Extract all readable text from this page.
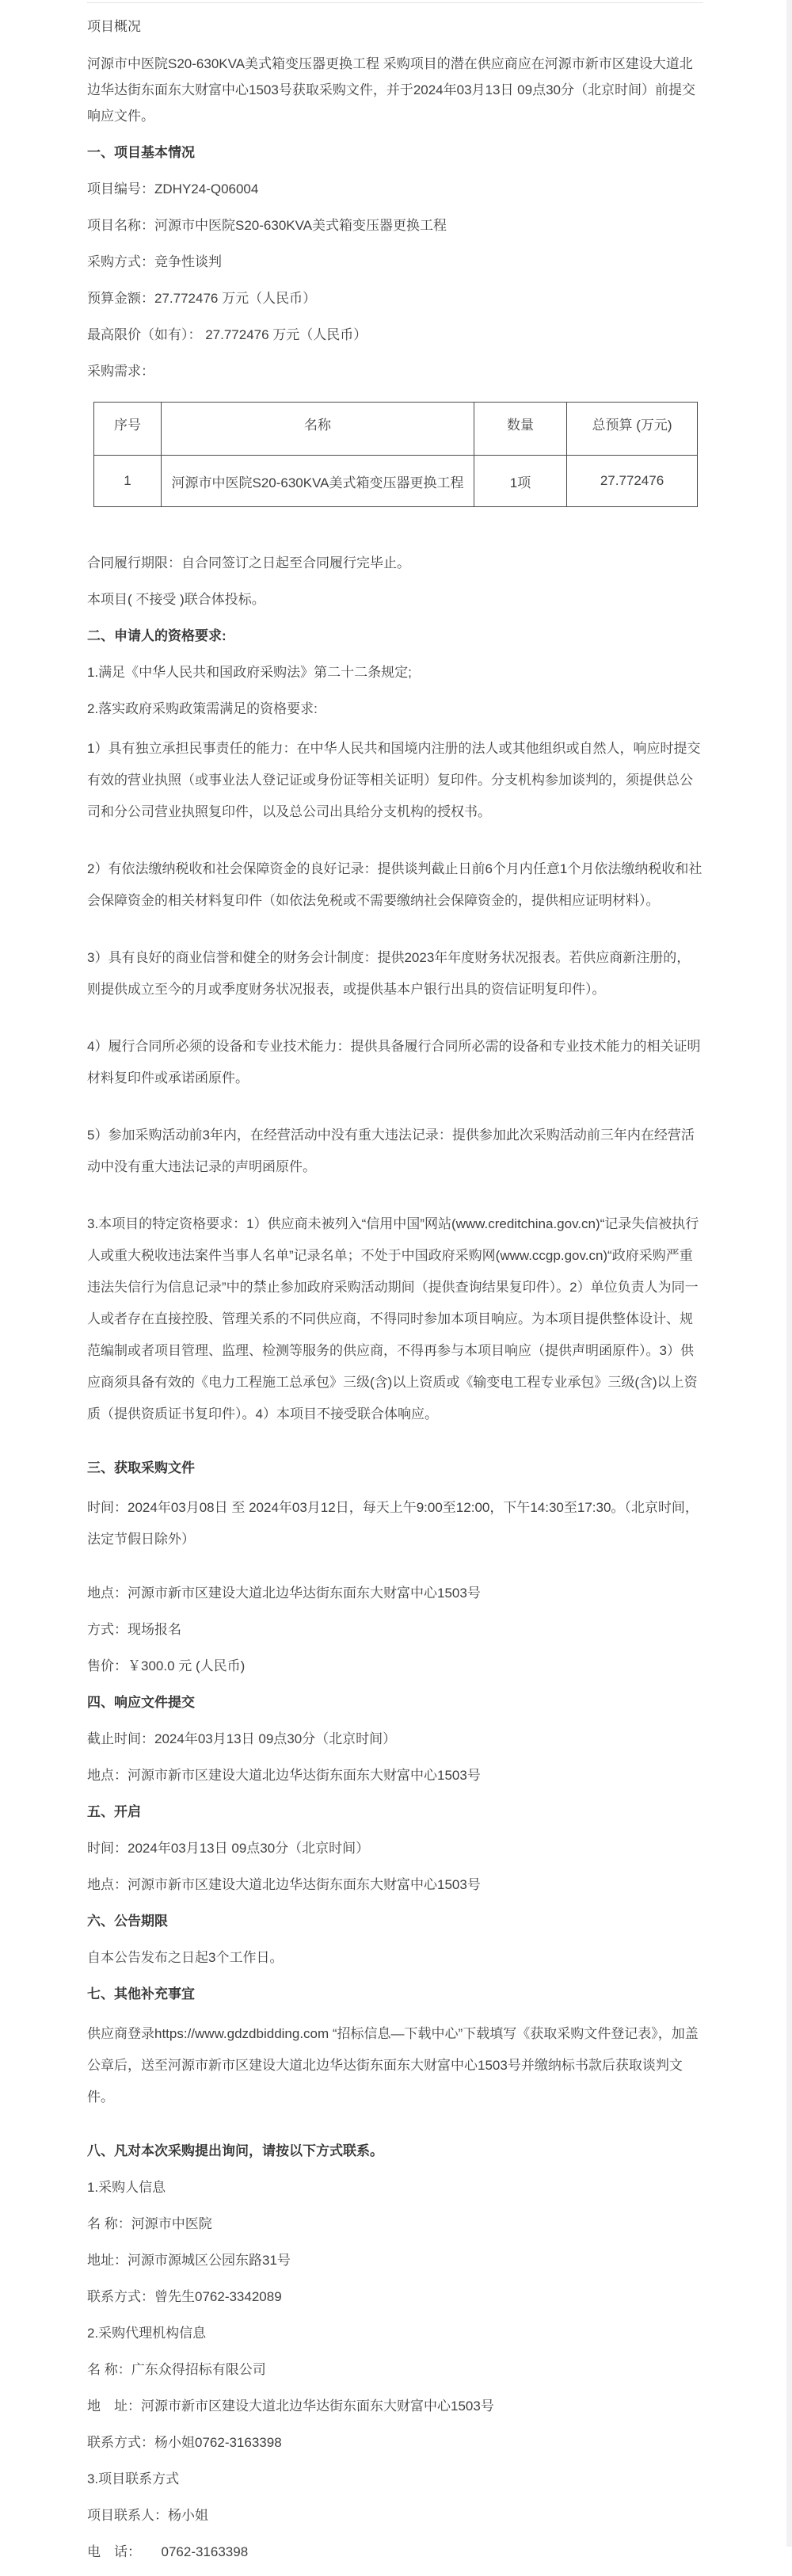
项目概况

河源市中医院S20-630KVA美式箱变压器更换工程 采购项目的潜在供应商应在河源市新市区建设大道北边华达街东面东大财富中心1503号获取采购文件，并于2024年03月13日 09点30分（北京时间）前提交响应文件。

一、项目基本情况

项目编号：ZDHY24-Q06004

项目名称：河源市中医院S20-630KVA美式箱变压器更换工程

采购方式：竞争性谈判

预算金额：27.772476 万元（人民币）

最高限价（如有）： 27.772476 万元（人民币）

采购需求：

序号	名称	数量	总预算 (万元)
1	河源市中医院S20-630KVA美式箱变压器更换工程	1项	27.772476

合同履行期限：自合同签订之日起至合同履行完毕止。

本项目( 不接受 )联合体投标。

二、申请人的资格要求:

1.满足《中华人民共和国政府采购法》第二十二条规定;

2.落实政府采购政策需满足的资格要求:

1）具有独立承担民事责任的能力：在中华人民共和国境内注册的法人或其他组织或自然人，响应时提交有效的营业执照（或事业法人登记证或身份证等相关证明）复印件。分支机构参加谈判的，须提供总公司和分公司营业执照复印件，以及总公司出具给分支机构的授权书。

2）有依法缴纳税收和社会保障资金的良好记录：提供谈判截止日前6个月内任意1个月依法缴纳税收和社会保障资金的相关材料复印件（如依法免税或不需要缴纳社会保障资金的，提供相应证明材料）。

3）具有良好的商业信誉和健全的财务会计制度：提供2023年年度财务状况报表。若供应商新注册的，则提供成立至今的月或季度财务状况报表，或提供基本户银行出具的资信证明复印件）。

4）履行合同所必须的设备和专业技术能力：提供具备履行合同所必需的设备和专业技术能力的相关证明材料复印件或承诺函原件。

5）参加采购活动前3年内，在经营活动中没有重大违法记录：提供参加此次采购活动前三年内在经营活动中没有重大违法记录的声明函原件。

3.本项目的特定资格要求：1）供应商未被列入“信用中国”网站(www.creditchina.gov.cn)“记录失信被执行人或重大税收违法案件当事人名单”记录名单；不处于中国政府采购网(www.ccgp.gov.cn)“政府采购严重违法失信行为信息记录”中的禁止参加政府采购活动期间（提供查询结果复印件）。2）单位负责人为同一人或者存在直接控股、管理关系的不同供应商，不得同时参加本项目响应。为本项目提供整体设计、规范编制或者项目管理、监理、检测等服务的供应商，不得再参与本项目响应（提供声明函原件）。3）供应商须具备有效的《电力工程施工总承包》三级(含)以上资质或《输变电工程专业承包》三级(含)以上资质（提供资质证书复印件）。4）本项目不接受联合体响应。

三、获取采购文件

时间：2024年03月08日 至 2024年03月12日，每天上午9:00至12:00，下午14:30至17:30。（北京时间，法定节假日除外）

地点：河源市新市区建设大道北边华达街东面东大财富中心1503号

方式：现场报名

售价：￥300.0 元 (人民币)

四、响应文件提交

截止时间：2024年03月13日 09点30分（北京时间）

地点：河源市新市区建设大道北边华达街东面东大财富中心1503号

五、开启

时间：2024年03月13日 09点30分（北京时间）

地点：河源市新市区建设大道北边华达街东面东大财富中心1503号

六、公告期限

自本公告发布之日起3个工作日。

七、其他补充事宜

供应商登录https://www.gdzdbidding.com “招标信息—下载中心”下载填写《获取采购文件登记表》，加盖公章后，送至河源市新市区建设大道北边华达街东面东大财富中心1503号并缴纳标书款后获取谈判文件。

八、凡对本次采购提出询问，请按以下方式联系。

1.采购人信息

名 称：河源市中医院

地址：河源市源城区公园东路31号

联系方式：曾先生0762-3342089

2.采购代理机构信息

名 称：广东众得招标有限公司

地　址：河源市新市区建设大道北边华达街东面东大财富中心1503号

联系方式：杨小姐0762-3163398

3.项目联系方式

项目联系人：杨小姐

电　话：　　0762-3163398
